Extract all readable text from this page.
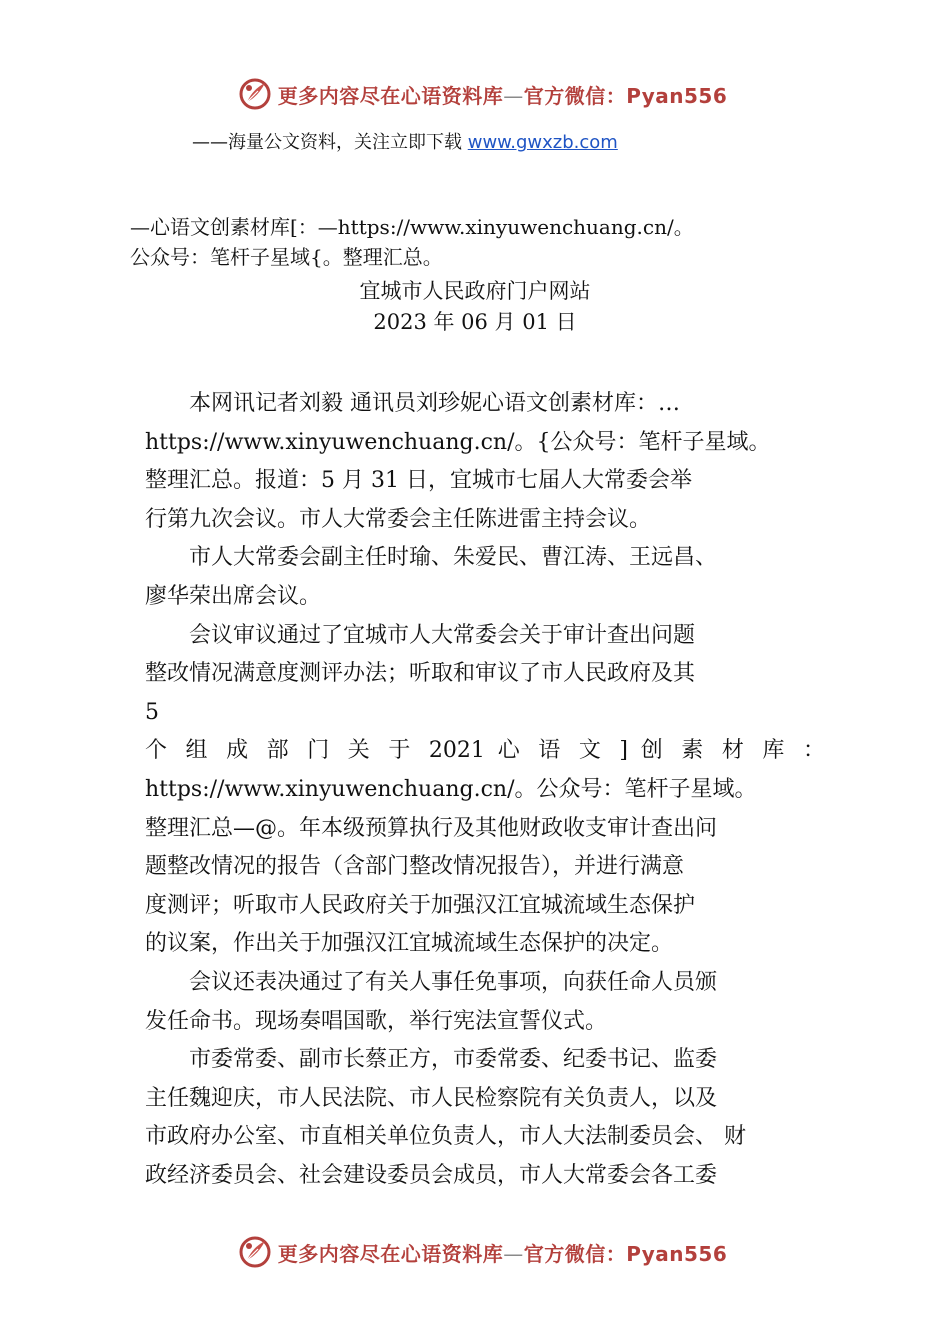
更多内容尽在心语资料库—官方微信：Pyan556
——海量公文资料，关注立即下载 www.gwxzb.com
—心语文创素材库[：—https://www.xinyuwenchuang.cn/。
公众号：笔杆子星域{。整理汇总。
宜城市人民政府门户网站
2023 年 06 月 01 日

　　本网讯记者刘毅 通讯员刘珍妮心语文创素材库：…

https://www.xinyuwenchuang.cn/。{公众号：笔杆子星域。

整理汇总。报道：5 月 31 日，宜城市七届人大常委会举

行第九次会议。市人大常委会主任陈进雷主持会议。

　　市人大常委会副主任时瑜、朱爱民、曹江涛、王远昌、

廖华荣出席会议。

　　会议审议通过了宜城市人大常委会关于审计查出问题

整改情况满意度测评办法；听取和审议了市人民政府及其

5

个 组 成 部 门 关 于 2021 心 语 文 ] 创 素 材 库 ：

https://www.xinyuwenchuang.cn/。公众号：笔杆子星域。

整理汇总—@。年本级预算执行及其他财政收支审计查出问

题整改情况的报告（含部门整改情况报告），并进行满意

度测评；听取市人民政府关于加强汉江宜城流域生态保护

的议案，作出关于加强汉江宜城流域生态保护的决定。

　　会议还表决通过了有关人事任免事项，向获任命人员颁

发任命书。现场奏唱国歌，举行宪法宣誓仪式。

　　市委常委、副市长蔡正方，市委常委、纪委书记、监委

主任魏迎庆，市人民法院、市人民检察院有关负责人，以及

市政府办公室、市直相关单位负责人，市人大法制委员会、 财

政经济委员会、社会建设委员会成员，市人大常委会各工委

更多内容尽在心语资料库—官方微信：Pyan556
